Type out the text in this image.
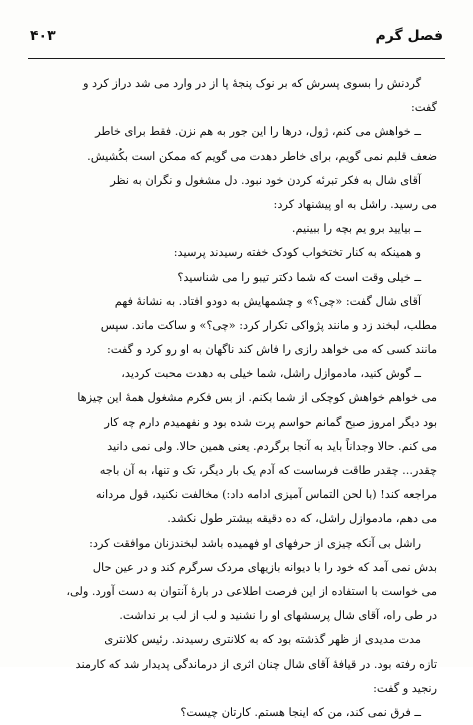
فصل گرم
۴۰۳
گردنش را بسوی پسرش که بر نوک پنجهٔ پا از در وارد می شد دراز کرد و
گفت:
ــ خواهش می کنم، ژول، درها را این جور به هم نزن. فقط برای خاطر
ضعف قلبم نمی گویم، برای خاطر دهدت می گویم که ممکن است بکُشیش.
آقای شال به فکر تبرئه کردن خود نبود. دل مشغول و نگران به نظر
می رسید. راشل به او پیشنهاد کرد:
ــ بیایید برو یم بچه را ببینیم.
و همینکه به کنار تختخواب کودک خفته رسیدند پرسید:
ــ خیلی وقت است که شما دکتر تیبو را می شناسید؟
آقای شال گفت: «چی؟» و چشمهایش به دودو افتاد. به نشانهٔ فهم
مطلب، لبخند زد و مانند پژواکی تکرار کرد: «چی؟» و ساکت ماند. سپس
مانند کسی که می خواهد رازی را فاش کند ناگهان به او رو کرد و گفت:
ــ گوش کنید، مادموازل راشل، شما خیلی به دهدت محبت کردید،
می خواهم خواهش کوچکی از شما بکنم. از بس فکرم مشغول همهٔ این چیزها
بود دیگر امروز صبح گمانم حواسم پرت شده بود و نفهمیدم دارم چه کار
می کنم. حالا وجداناً باید به آنجا برگردم. یعنی همین حالا. ولی نمی دانید
چقدر... چقدر طاقت فرساست که آدم یک بار دیگر، تک و تنها، به آن باجه
مراجعه کند! (با لحن التماس آمیزی ادامه داد:) مخالفت نکنید، قول مردانه
می دهم، مادموازل راشل، که ده دقیقه بیشتر طول نکشد.
راشل بی آنکه چیزی از حرفهای او فهمیده باشد لبخندزنان موافقت کرد:
بدش نمی آمد که خود را با دیوانه بازیهای مردک سرگرم کند و در عین حال
می خواست با استفاده از این فرصت اطلاعی در بارهٔ آنتوان به دست آورد. ولی،
در طی راه، آقای شال پرسشهای او را نشنید و لب از لب بر نداشت.
مدت مدیدی از ظهر گذشته بود که به کلانتری رسیدند. رئیس کلانتری
تازه رفته بود. در قیافهٔ آقای شال چنان اثری از درماندگی پدیدار شد که کارمند
رنجید و گفت:
ــ فرق نمی کند، من که اینجا هستم. کارتان چیست؟
